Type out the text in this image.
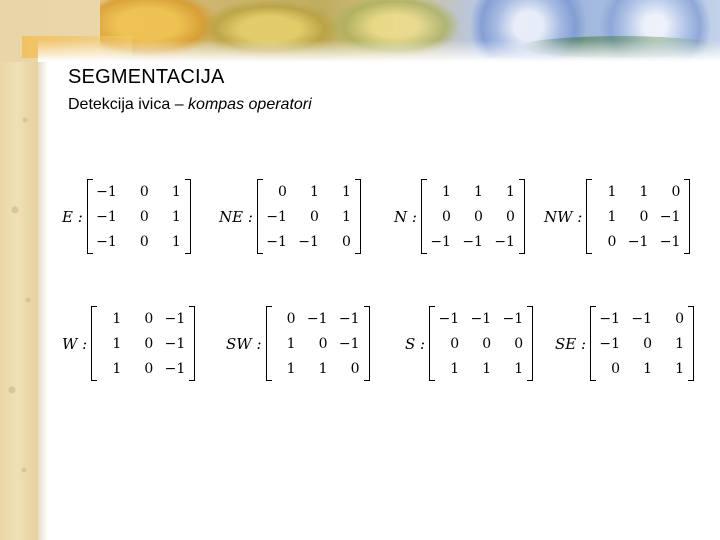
SEGMENTACIJA
Detekcija ivica – kompas operatori
E :
−1	0	1
−1	0	1
−1	0	1
NE :
0	1	1
−1	0	1
−1 −1	0
N :
1	1	1
0	0	0
−1 −1 −1
NW :
1	1	0
1	0 −1
0 −1 −1
W :
1	0 −1
1	0 −1
1	0 −1
SW :
0 −1 −1
1	0 −1
1	1	0
S :
−1 −1 −1
0	0	0
1	1	1
SE :
−1 −1	0
−1	0	1
0	1	1
